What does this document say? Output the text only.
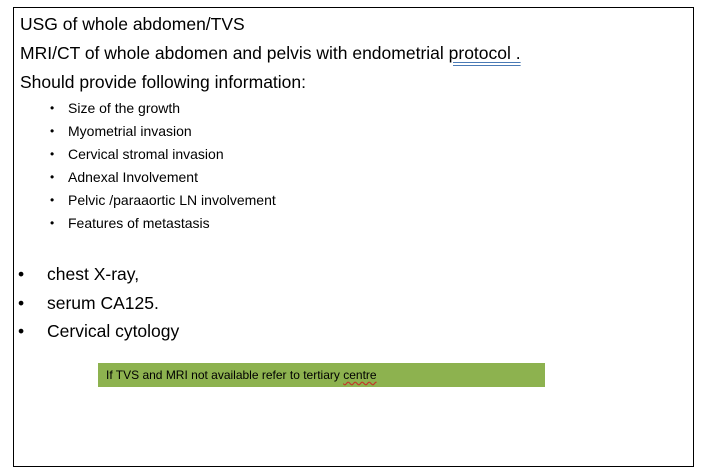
USG of whole abdomen/TVS
MRI/CT of whole abdomen and pelvis with endometrial protocol .
Should provide following information:
• Size of the growth
• Myometrial invasion
• Cervical stromal invasion
• Adnexal Involvement
• Pelvic /paraaortic LN involvement
• Features of metastasis
• chest X-ray,
• serum CA125.
• Cervical cytology
If TVS and MRI not available refer to tertiary centre
